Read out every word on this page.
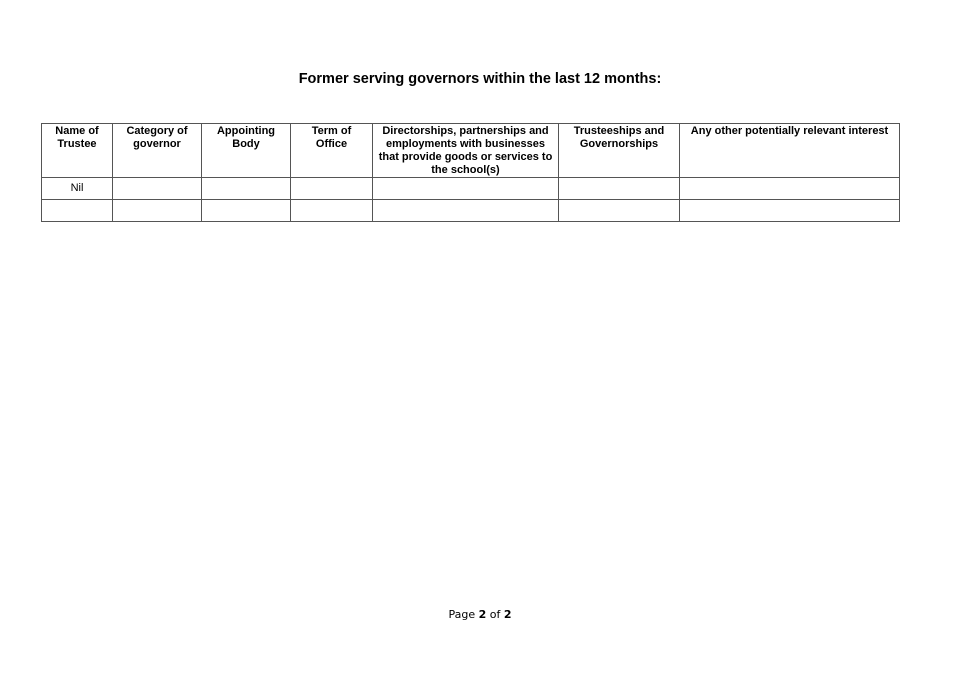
Former serving governors within the last 12 months:
Name of Trustee	Category of governor	Appointing Body	Term of Office	Directorships, partnerships and employments with businesses that provide goods or services to the school(s)	Trusteeships and Governorships	Any other potentially relevant interest
Nil						

Page 2 of 2
